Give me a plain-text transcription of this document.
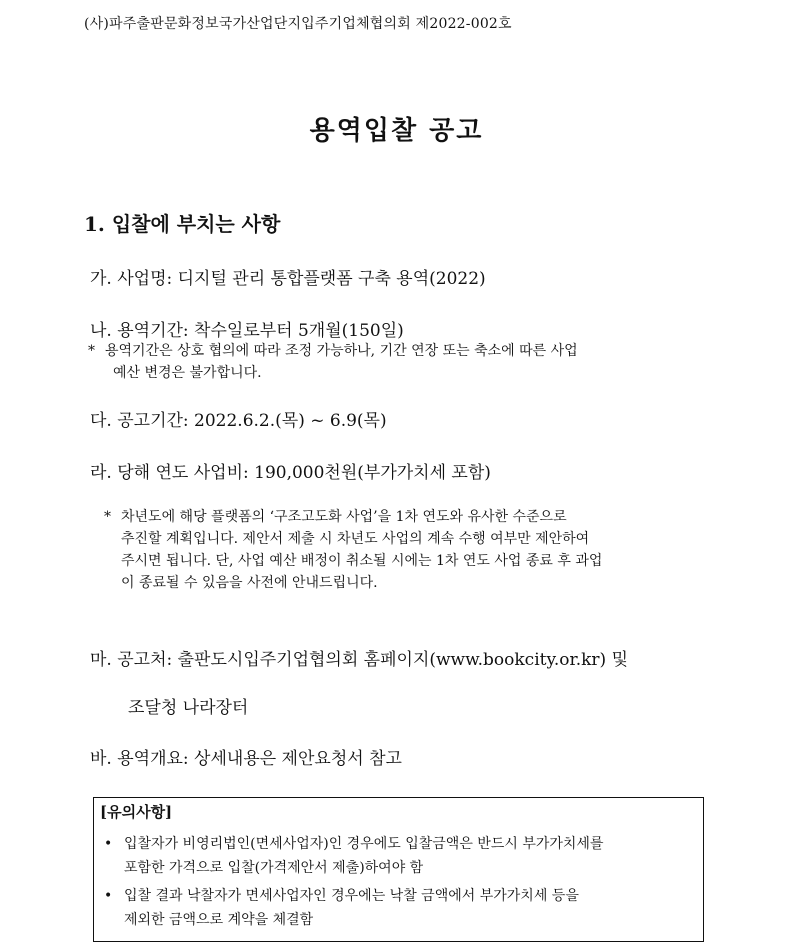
(사)파주출판문화정보국가산업단지입주기업체협의회 제2022-002호
용역입찰 공고
1. 입찰에 부치는 사항
가. 사업명: 디지털 관리 통합플랫폼 구축 용역(2022)
나. 용역기간: 착수일로부터 5개월(150일)
* 용역기간은 상호 협의에 따라 조정 가능하나, 기간 연장 또는 축소에 따른 사업
예산 변경은 불가합니다.
다. 공고기간: 2022.6.2.(목) ~ 6.9(목)
라. 당해 연도 사업비: 190,000천원(부가가치세 포함)
* 차년도에 해당 플랫폼의 ‘구조고도화 사업’을 1차 연도와 유사한 수준으로
추진할 계획입니다. 제안서 제출 시 차년도 사업의 계속 수행 여부만 제안하여
주시면 됩니다. 단, 사업 예산 배정이 취소될 시에는 1차 연도 사업 종료 후 과업
이 종료될 수 있음을 사전에 안내드립니다.
마. 공고처: 출판도시입주기업협의회 홈페이지(www.bookcity.or.kr) 및
조달청 나라장터
바. 용역개요: 상세내용은 제안요청서 참고
[유의사항]
• 입찰자가 비영리법인(면세사업자)인 경우에도 입찰금액은 반드시 부가가치세를
포함한 가격으로 입찰(가격제안서 제출)하여야 함
• 입찰 결과 낙찰자가 면세사업자인 경우에는 낙찰 금액에서 부가가치세 등을
제외한 금액으로 계약을 체결함
